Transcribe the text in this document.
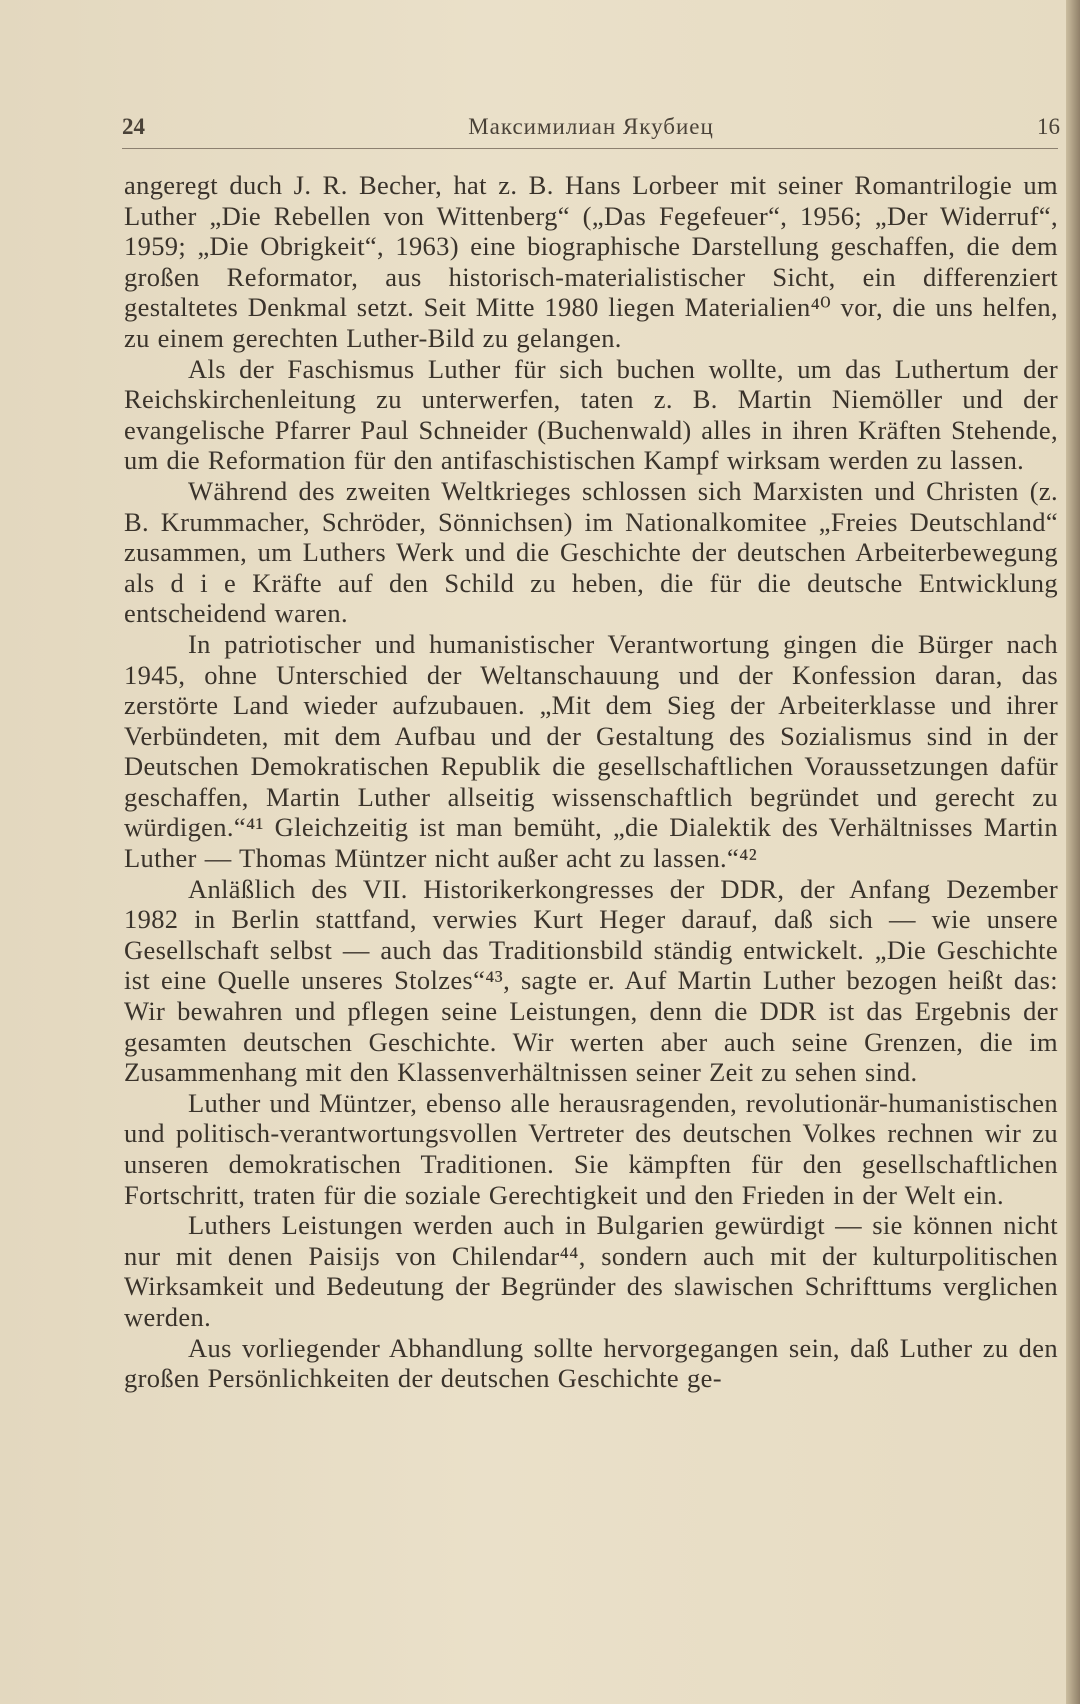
24	Максимилиан Якубиец	16

angeregt duch J. R. Becher, hat z. B. Hans Lorbeer mit seiner Romantrilogie um Luther „Die Rebellen von Wittenberg“ („Das Fegefeuer“, 1956; „Der Widerruf“, 1959; „Die Obrigkeit“, 1963) eine biographische Darstellung geschaffen, die dem großen Reformator, aus historisch-materialistischer Sicht, ein differenziert gestaltetes Denkmal setzt. Seit Mitte 1980 liegen Materialien⁴⁰ vor, die uns helfen, zu einem gerechten Luther-Bild zu gelangen.

Als der Faschismus Luther für sich buchen wollte, um das Luthertum der Reichskirchenleitung zu unterwerfen, taten z. B. Martin Niemöller und der evangelische Pfarrer Paul Schneider (Buchenwald) alles in ihren Kräften Stehende, um die Reformation für den antifaschistischen Kampf wirksam werden zu lassen.

Während des zweiten Weltkrieges schlossen sich Marxisten und Christen (z. B. Krummacher, Schröder, Sönnichsen) im Nationalkomitee „Freies Deutschland“ zusammen, um Luthers Werk und die Geschichte der deutschen Arbeiterbewegung als d i e Kräfte auf den Schild zu heben, die für die deutsche Entwicklung entscheidend waren.

In patriotischer und humanistischer Verantwortung gingen die Bürger nach 1945, ohne Unterschied der Weltanschauung und der Konfession daran, das zerstörte Land wieder aufzubauen. „Mit dem Sieg der Arbeiterklasse und ihrer Verbündeten, mit dem Aufbau und der Gestaltung des Sozialismus sind in der Deutschen Demokratischen Republik die gesellschaftlichen Voraussetzungen dafür geschaffen, Martin Luther allseitig wissenschaftlich begründet und gerecht zu würdigen.“⁴¹ Gleichzeitig ist man bemüht, „die Dialektik des Verhältnisses Martin Luther — Thomas Müntzer nicht außer acht zu lassen.“⁴²

Anläßlich des VII. Historikerkongresses der DDR, der Anfang Dezember 1982 in Berlin stattfand, verwies Kurt Heger darauf, daß sich — wie unsere Gesellschaft selbst — auch das Traditionsbild ständig entwickelt. „Die Geschichte ist eine Quelle unseres Stolzes“⁴³, sagte er. Auf Martin Luther bezogen heißt das: Wir bewahren und pflegen seine Leistungen, denn die DDR ist das Ergebnis der gesamten deutschen Geschichte. Wir werten aber auch seine Grenzen, die im Zusammenhang mit den Klassenverhältnissen seiner Zeit zu sehen sind.

Luther und Müntzer, ebenso alle herausragenden, revolutionär-humanistischen und politisch-verantwortungsvollen Vertreter des deutschen Volkes rechnen wir zu unseren demokratischen Traditionen. Sie kämpften für den gesellschaftlichen Fortschritt, traten für die soziale Gerechtigkeit und den Frieden in der Welt ein.

Luthers Leistungen werden auch in Bulgarien gewürdigt — sie können nicht nur mit denen Paisijs von Chilendar⁴⁴, sondern auch mit der kulturpolitischen Wirksamkeit und Bedeutung der Begründer des slawischen Schrifttums verglichen werden.

Aus vorliegender Abhandlung sollte hervorgegangen sein, daß Luther zu den großen Persönlichkeiten der deutschen Geschichte ge-
